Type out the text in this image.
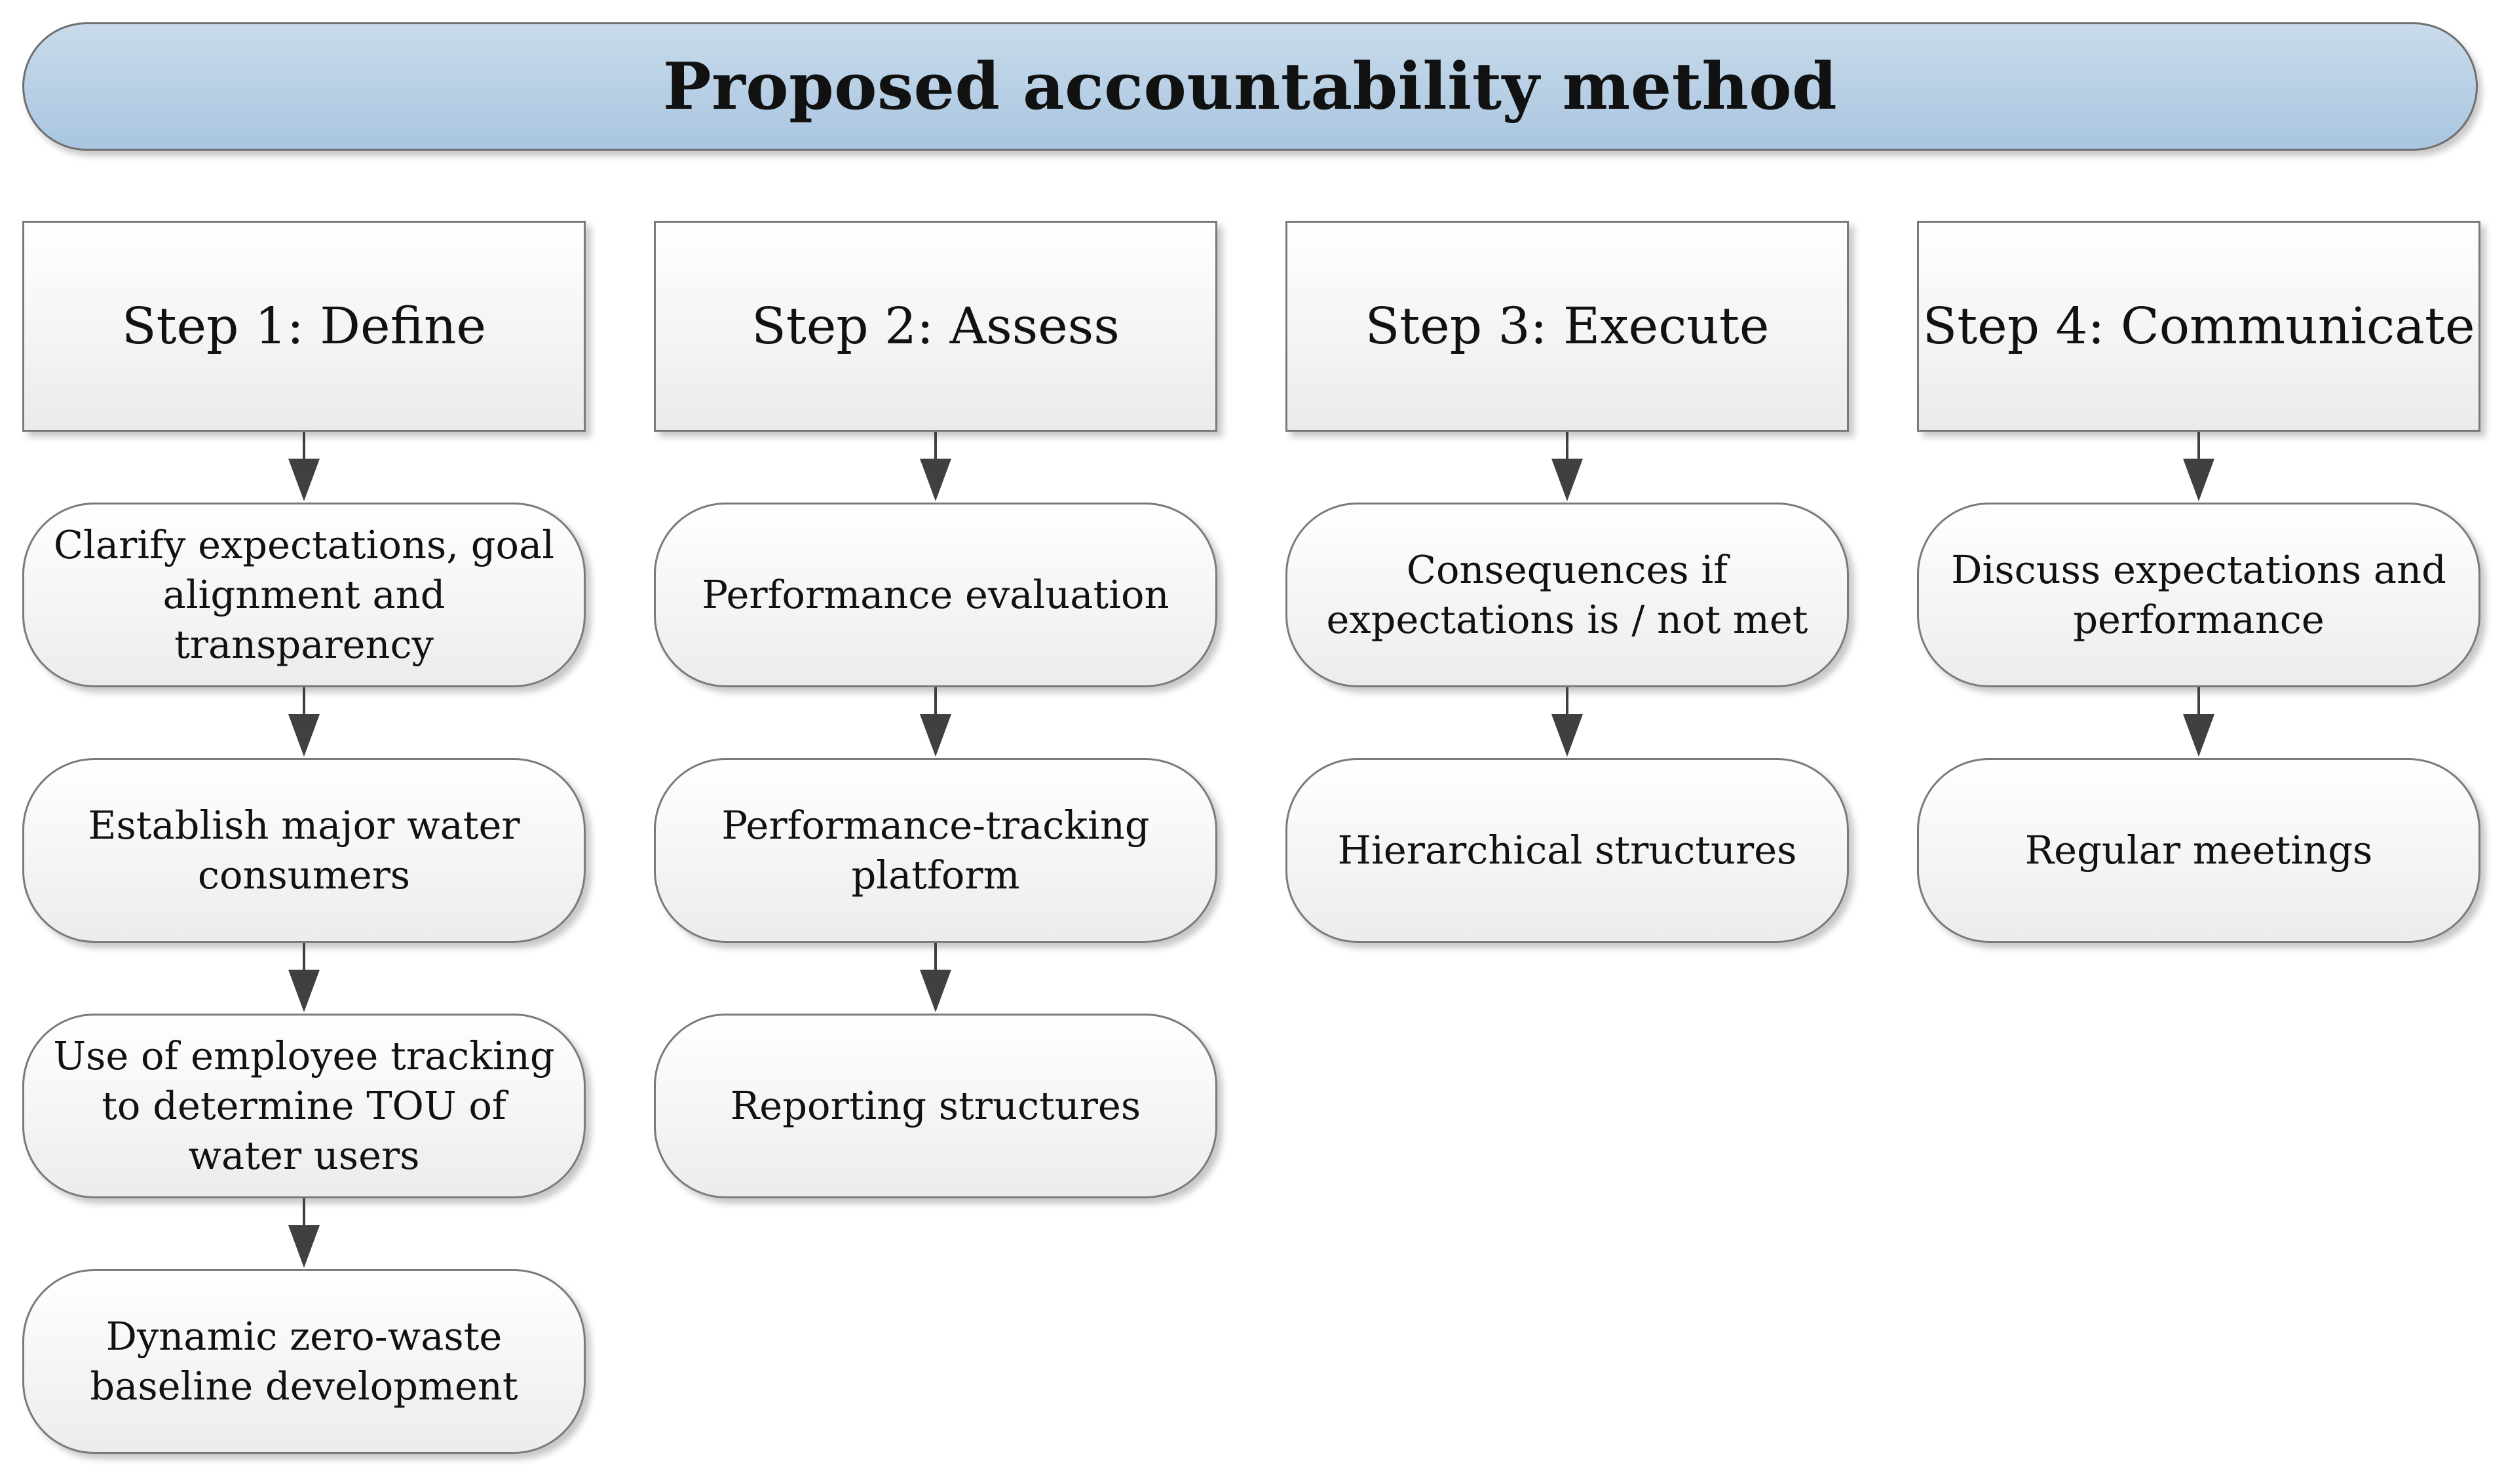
Proposed accountability method
Step 1: Define
Clarify expectations, goal alignment and transparency
Establish major water consumers
Use of employee tracking to determine TOU of water users
Dynamic zero-waste baseline development
Step 2: Assess
Performance evaluation
Performance-tracking platform
Reporting structures
Step 3: Execute
Consequences if expectations is / not met
Hierarchical structures
Step 4: Communicate
Discuss expectations and performance
Regular meetings
